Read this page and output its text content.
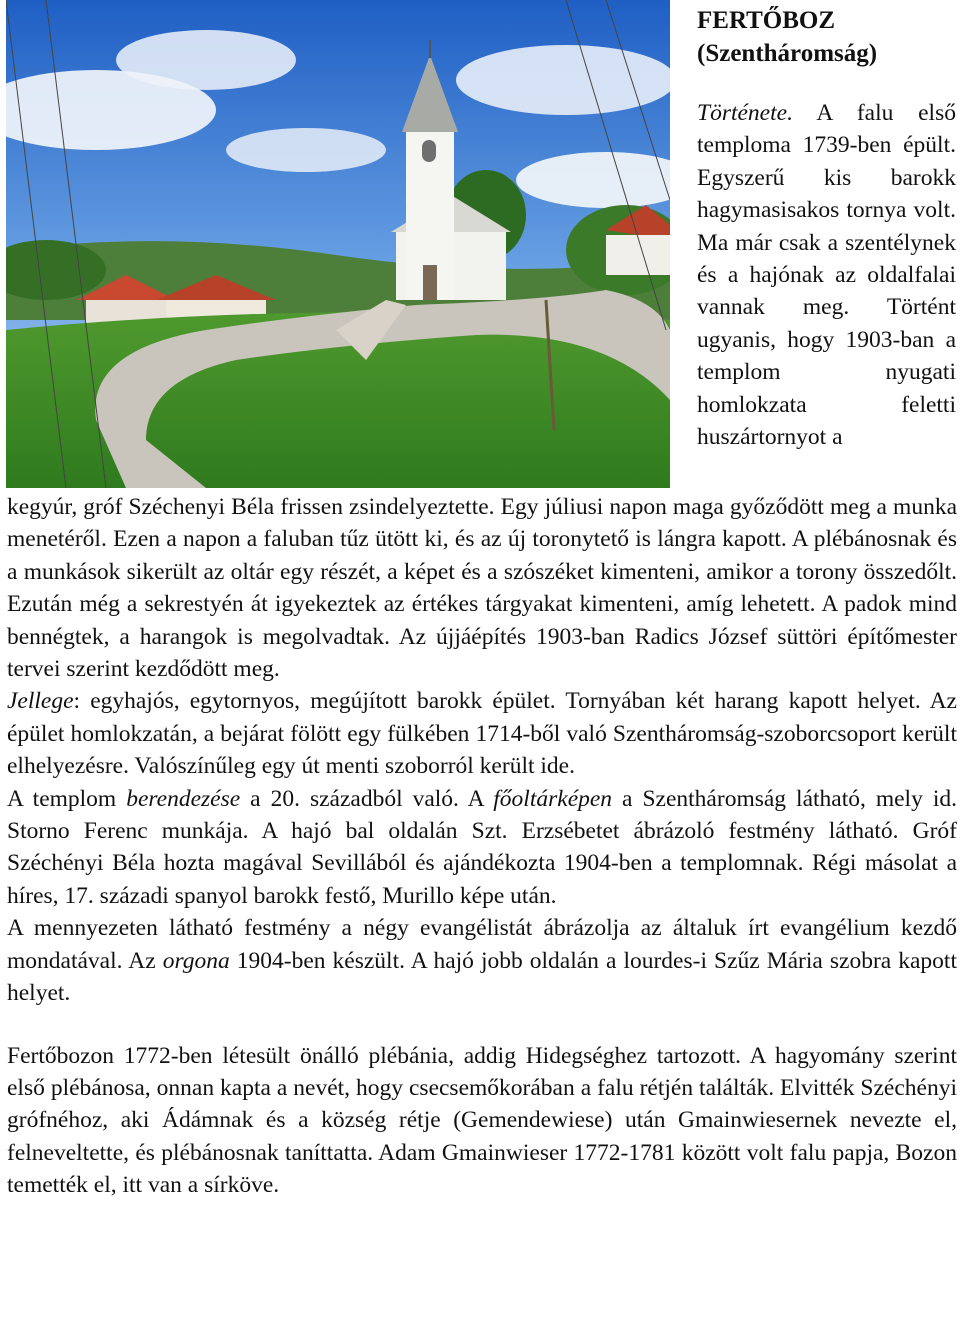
FERTŐBOZ
(Szentháromság)
Története. A falu első temploma 1739-ben épült. Egyszerű kis barokk hagymasisakos tornya volt. Ma már csak a szentélynek és a hajónak az oldalfalai vannak meg. Történt ugyanis, hogy 1903-ban a templom nyugati homlokzata feletti huszártornyot a

kegyúr, gróf Széchenyi Béla frissen zsindelyeztette. Egy júliusi napon maga győződött meg a munka menetéről. Ezen a napon a faluban tűz ütött ki, és az új toronytető is lángra kapott. A plébánosnak és a munkások sikerült az oltár egy részét, a képet és a szószéket kimenteni, amikor a torony összedőlt. Ezután még a sekrestyén át igyekeztek az értékes tárgyakat kimenteni, amíg lehetett. A padok mind bennégtek, a harangok is megolvadtak. Az újjáépítés 1903-ban Radics József süttöri építőmester tervei szerint kezdődött meg.

Jellege: egyhajós, egytornyos, megújított barokk épület. Tornyában két harang kapott helyet. Az épület homlokzatán, a bejárat fölött egy fülkében 1714-ből való Szentháromság-szoborcsoport került elhelyezésre. Valószínűleg egy út menti szoborról került ide.

A templom berendezése a 20. századból való. A főoltárképen a Szentháromság látható, mely id. Storno Ferenc munkája. A hajó bal oldalán Szt. Erzsébetet ábrázoló festmény látható. Gróf Széchényi Béla hozta magával Sevillából és ajándékozta 1904-ben a templomnak. Régi másolat a híres, 17. századi spanyol barokk festő, Murillo képe után.

A mennyezeten látható festmény a négy evangélistát ábrázolja az általuk írt evangélium kezdő mondatával. Az orgona 1904-ben készült. A hajó jobb oldalán a lourdes-i Szűz Mária szobra kapott helyet.

Fertőbozon 1772-ben létesült önálló plébánia, addig Hidegséghez tartozott. A hagyomány szerint első plébánosa, onnan kapta a nevét, hogy csecsemőkorában a falu rétjén találták. Elvitték Széchényi grófnéhoz, aki Ádámnak és a község rétje (Gemendewiese) után Gmainwiesernek nevezte el, felneveltette, és plébánosnak taníttatta. Adam Gmainwieser 1772-1781 között volt falu papja, Bozon temették el, itt van a sírköve.
